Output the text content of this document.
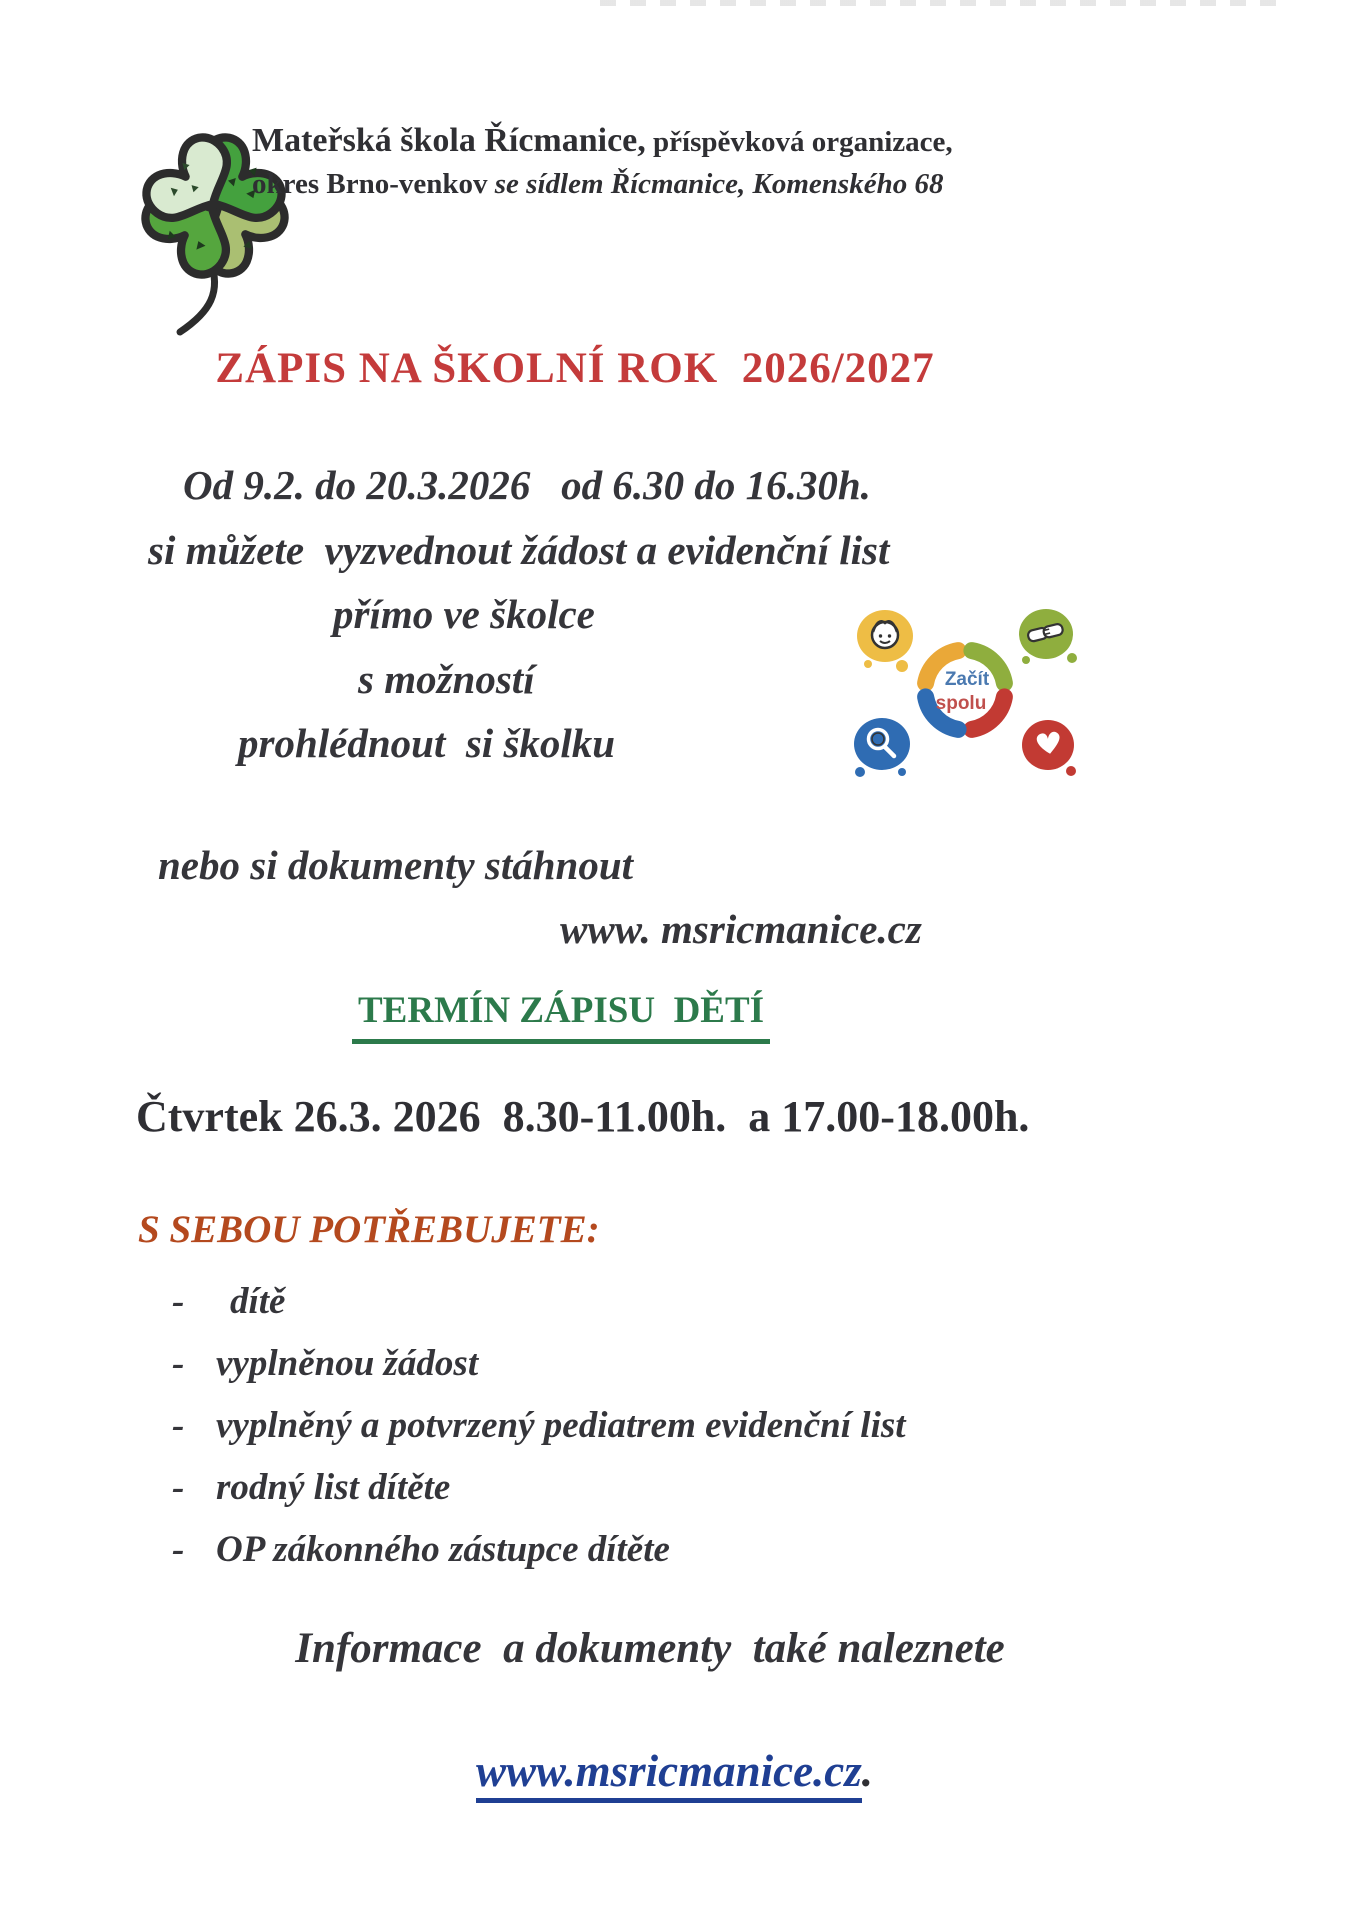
Mateřská škola Řícmanice, příspěvková organizace,
okres Brno-venkov se sídlem Řícmanice, Komenského 68
ZÁPIS NA ŠKOLNÍ ROK  2026/2027
Od 9.2. do 20.3.2026   od 6.30 do 16.30h.
si můžete  vyzvednout žádost a evidenční list
přímo ve školce
s možností
prohlédnout  si školku
Začít
spolu
nebo si dokumenty stáhnout
www. msricmanice.cz
TERMÍN ZÁPISU  DĚTÍ
Čtvrtek 26.3. 2026  8.30-11.00h.  a 17.00-18.00h.
S SEBOU POTŘEBUJETE:
-	dítě
- vyplněnou žádost
- vyplněný a potvrzený pediatrem evidenční list
- rodný list dítěte
- OP zákonného zástupce dítěte
Informace  a dokumenty  také naleznete

www.msricmanice.cz.
